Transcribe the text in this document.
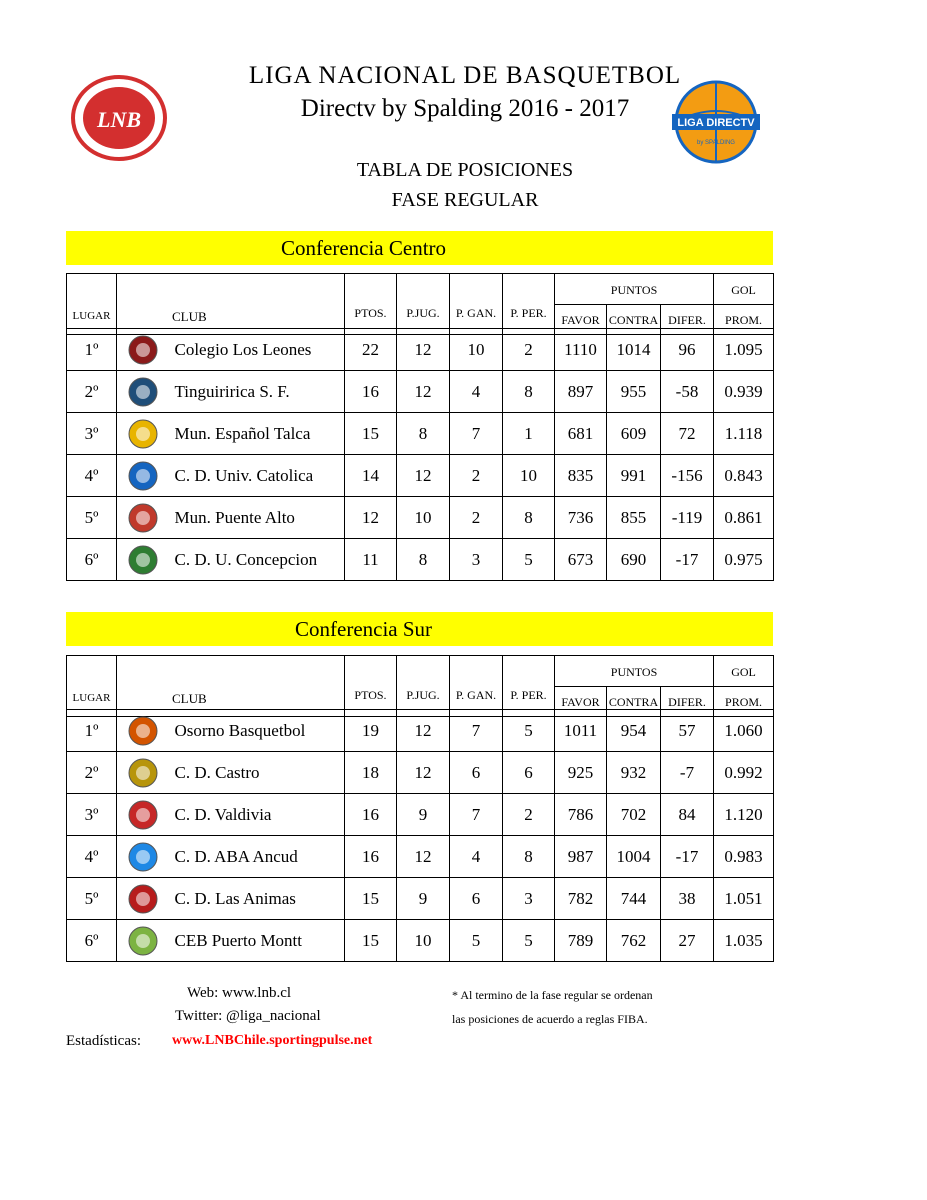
LIGA NACIONAL DE BASQUETBOL
Directv by Spalding 2016 - 2017
TABLA DE POSICIONES
FASE REGULAR
LNB	LIGA DIRECTV
by SPALDING
Conferencia Centro
LUGAR	CLUB	PTOS.	P.JUG.	P. GAN.	P. PER.	PUNTOS			GOL
						FAVOR	CONTRA	DIFER.	PROM.
1º		Colegio Los Leones	22	12	10	2	1110	1014	96	1.095
2º		Tinguiririca S. F.	16	12	4	8	897	955	-58	0.939
3º		Mun. Español Talca	15	8	7	1	681	609	72	1.118
4º		C. D. Univ. Catolica	14	12	2	10	835	991	-156	0.843
5º		Mun. Puente Alto	12	10	2	8	736	855	-119	0.861
6º		C. D. U. Concepcion	11	8	3	5	673	690	-17	0.975
Conferencia Sur
LUGAR	CLUB	PTOS.	P.JUG.	P. GAN.	P. PER.	PUNTOS			GOL
						FAVOR	CONTRA	DIFER.	PROM.
1º		Osorno Basquetbol	19	12	7	5	1011	954	57	1.060
2º		C. D. Castro	18	12	6	6	925	932	-7	0.992
3º		C. D. Valdivia	16	9	7	2	786	702	84	1.120
4º		C. D. ABA Ancud	16	12	4	8	987	1004	-17	0.983
5º		C. D. Las Animas	15	9	6	3	782	744	38	1.051
6º		CEB Puerto Montt	15	10	5	5	789	762	27	1.035
Web: www.lnb.cl
Twitter: @liga_nacional
Estadísticas: www.LNBChile.sportingpulse.net
* Al termino de la fase regular se ordenan
las posiciones de acuerdo a reglas FIBA.
